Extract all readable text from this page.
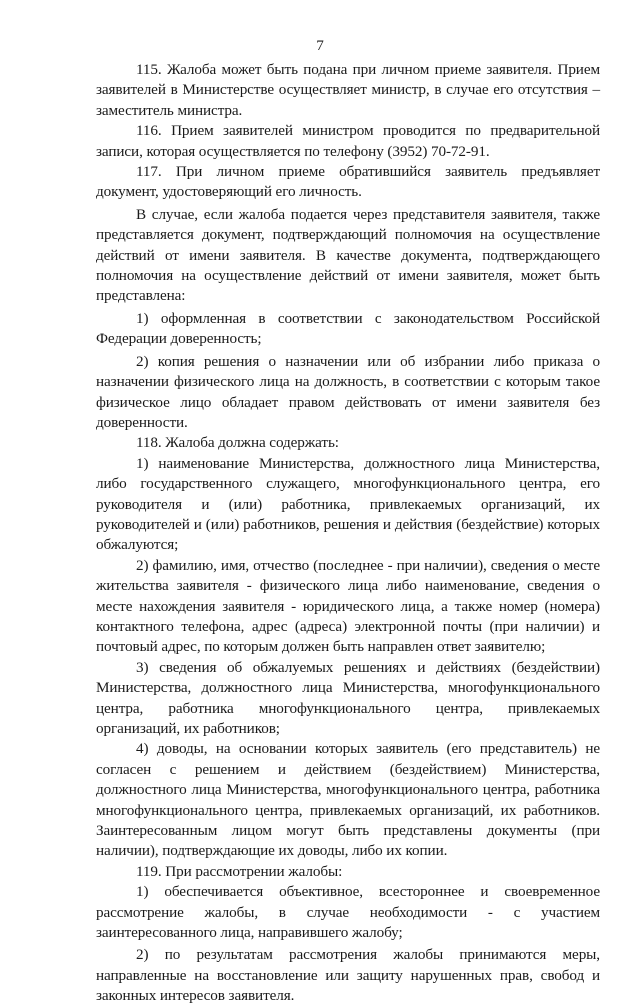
7

115. Жалоба может быть подана при личном приеме заявителя. Прием заявителей в Министерстве осуществляет министр, в случае его отсутствия – заместитель министра.

116. Прием заявителей министром проводится по предварительной записи, которая осуществляется по телефону (3952) 70-72-91.

117. При личном приеме обратившийся заявитель предъявляет документ, удостоверяющий его личность.

В случае, если жалоба подается через представителя заявителя, также представляется документ, подтверждающий полномочия на осуществление действий от имени заявителя. В качестве документа, подтверждающего полномочия на осуществление действий от имени заявителя, может быть представлена:

1) оформленная в соответствии с законодательством Российской Федерации доверенность;

2) копия решения о назначении или об избрании либо приказа о назначении физического лица на должность, в соответствии с которым такое физическое лицо обладает правом действовать от имени заявителя без доверенности.

118. Жалоба должна содержать:

1) наименование Министерства, должностного лица Министерства, либо государственного служащего, многофункционального центра, его руководителя и (или) работника, привлекаемых организаций, их руководителей и (или) работников, решения и действия (бездействие) которых обжалуются;

2) фамилию, имя, отчество (последнее - при наличии), сведения о месте жительства заявителя - физического лица либо наименование, сведения о месте нахождения заявителя - юридического лица, а также номер (номера) контактного телефона, адрес (адреса) электронной почты (при наличии) и почтовый адрес, по которым должен быть направлен ответ заявителю;

3) сведения об обжалуемых решениях и действиях (бездействии) Министерства, должностного лица Министерства, многофункционального центра, работника многофункционального центра, привлекаемых организаций, их работников;

4) доводы, на основании которых заявитель (его представитель) не согласен с решением и действием (бездействием) Министерства, должностного лица Министерства, многофункционального центра, работника многофункционального центра, привлекаемых организаций, их работников. Заинтересованным лицом могут быть представлены документы (при наличии), подтверждающие их доводы, либо их копии.

119. При рассмотрении жалобы:

1) обеспечивается объективное, всестороннее и своевременное рассмотрение жалобы, в случае необходимости - с участием заинтересованного лица, направившего жалобу;

2) по результатам рассмотрения жалобы принимаются меры, направленные на восстановление или защиту нарушенных прав, свобод и законных интересов заявителя.
